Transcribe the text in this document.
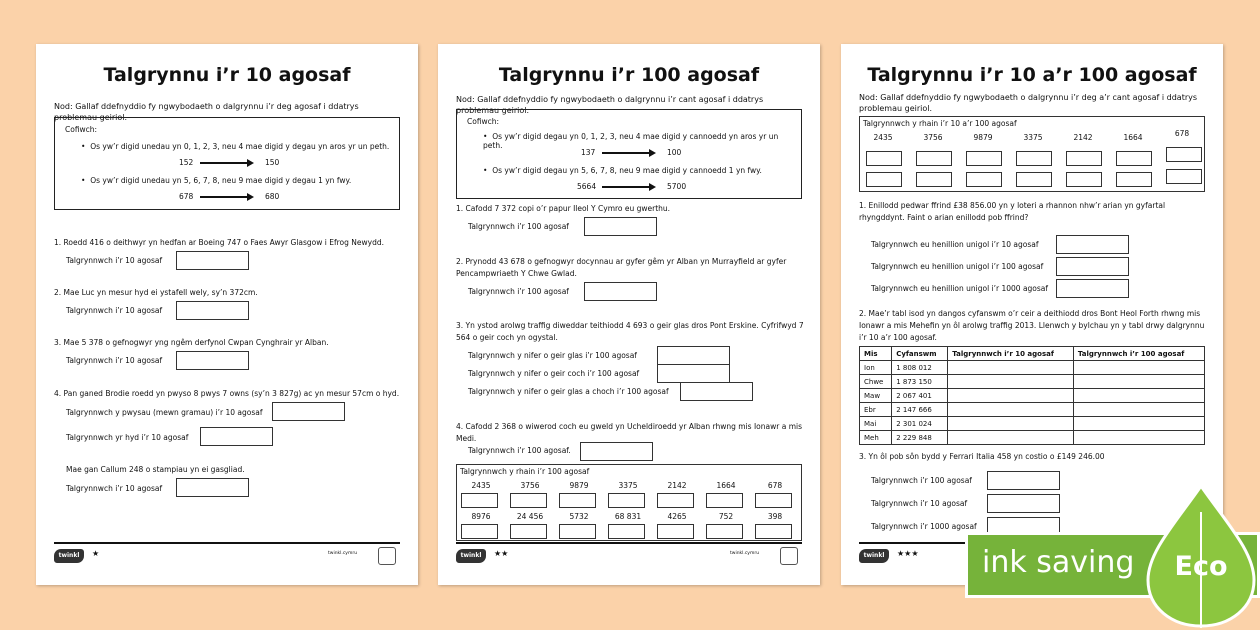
Talgrynnu i’r 10 agosaf
Nod: Gallaf ddefnyddio fy ngwybodaeth o dalgrynnu i’r deg agosaf i ddatrys problemau geiriol.
Cofiwch:
•  Os yw’r digid unedau yn 0, 1, 2, 3, neu 4 mae digid y degau yn aros yr un peth.
152	150
•  Os yw’r digid unedau yn 5, 6, 7, 8, neu 9 mae digid y degau 1 yn fwy.
678	680
1. Roedd 416 o deithwyr yn hedfan ar Boeing 747 o Faes Awyr Glasgow i Efrog Newydd.
Talgrynnwch i’r 10 agosaf
2. Mae Luc yn mesur hyd ei ystafell wely, sy’n 372cm.
Talgrynnwch i’r 10 agosaf
3. Mae 5 378 o gefnogwyr yng ngêm derfynol Cwpan Cynghrair yr Alban.
Talgrynnwch i’r 10 agosaf
4. Pan ganed Brodie roedd yn pwyso 8 pwys 7 owns (sy’n 3 827g) ac yn mesur 57cm o hyd.
Talgrynnwch y pwysau (mewn gramau) i’r 10 agosaf
Talgrynnwch yr hyd i’r 10 agosaf
Mae gan Callum 248 o stampiau yn ei gasgliad.
Talgrynnwch i’r 10 agosaf
twinkl	★	twinkl.cymru
Talgrynnu i’r 100 agosaf
Nod: Gallaf ddefnyddio fy ngwybodaeth o dalgrynnu i’r cant agosaf i ddatrys problemau geiriol.
Cofiwch:
•  Os yw’r digid degau yn 0, 1, 2, 3, neu 4 mae digid y cannoedd yn aros yr un peth.
137	100
•  Os yw’r digid degau yn 5, 6, 7, 8, neu 9 mae digid y cannoedd 1 yn fwy.
5664	5700
1. Cafodd 7 372 copi o’r papur Ileol Y Cymro eu gwerthu.
Talgrynnwch i’r 100 agosaf
2. Prynodd 43 678 o gefnogwyr docynnau ar gyfer gêm yr Alban yn Murrayfield ar gyfer Pencampwriaeth Y Chwe Gwlad.
Talgrynnwch i’r 100 agosaf
3. Yn ystod arolwg traffig diweddar teithiodd 4 693 o geir glas dros Pont Erskine. Cyfrifwyd 7 564 o geir coch yn ogystal.
Talgrynnwch y nifer o geir glas i’r 100 agosaf
Talgrynnwch y nifer o geir coch i’r 100 agosaf
Talgrynnwch y nifer o geir glas a choch i’r 100 agosaf
4. Cafodd 2 368 o wiwerod coch eu gweld yn Ucheldiroedd yr Alban rhwng mis Ionawr a mis Medi.
Talgrynnwch i’r 100 agosaf.
Talgrynnwch y rhain i’r 100 agosaf
2435	3756	9879	3375	2142	1664	678
8976	24 456	5732	68 831	4265	752	398
twinkl	★★	twinkl.cymru
Talgrynnu i’r 10 a’r 100 agosaf
Nod: Gallaf ddefnyddio fy ngwybodaeth o dalgrynnu i’r deg a’r cant agosaf i ddatrys problemau geiriol.
Talgrynnwch y rhain i’r 10 a’r 100 agosaf
2435	3756	9879	3375	2142	1664	678
1. Enillodd pedwar ffrind £38 856.00 yn y loteri a rhannon nhw’r arian yn gyfartal rhyngddynt. Faint o arian enillodd pob ffrind?
Talgrynnwch eu henillion unigol i’r 10 agosaf
Talgrynnwch eu henillion unigol i’r 100 agosaf
Talgrynnwch eu henillion unigol i’r 1000 agosaf
2. Mae’r tabl isod yn dangos cyfanswm o’r ceir a deithiodd dros Bont Heol Forth rhwng mis Ionawr a mis Mehefin yn ôl arolwg traffig 2013. Llenwch y bylchau yn y tabl drwy dalgrynnu i’r 10 a’r 100 agosaf.
Mis	Cyfanswm	Talgrynnwch i’r 10 agosaf	Talgrynnwch i’r 100 agosaf
Ion	1 808 012		
Chwe	1 873 150		
Maw	2 067 401		
Ebr	2 147 666		
Mai	2 301 024		
Meh	2 229 848		
3. Yn ôl pob sôn bydd y Ferrari Italia 458 yn costio o £149 246.00
Talgrynnwch i’r 100 agosaf
Talgrynnwch i’r 10 agosaf
Talgrynnwch i’r 1000 agosaf
twinkl	★★★ ink saving Eco
